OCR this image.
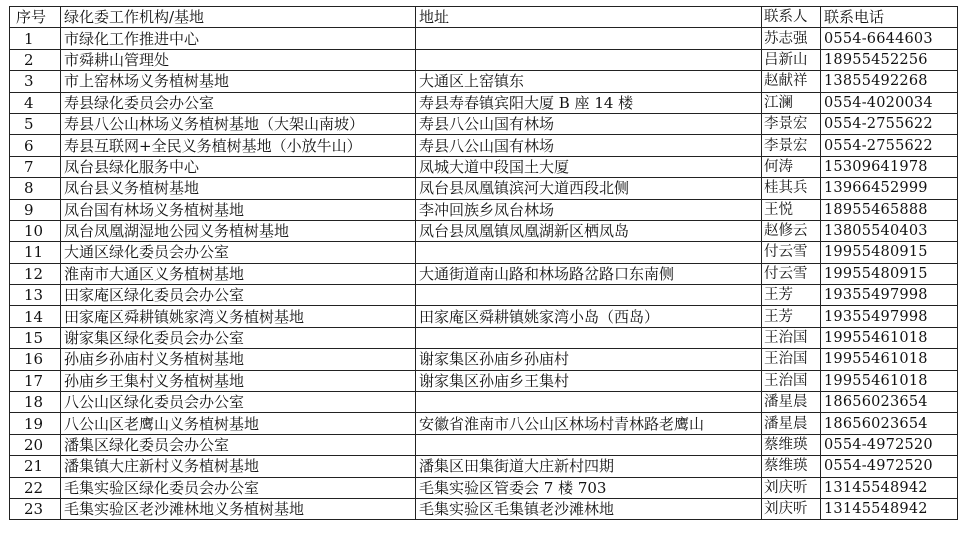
序号	绿化委工作机构/基地	地址	联系人	联系电话
1	市绿化工作推进中心		苏志强	0554-6644603
2	市舜耕山管理处		吕新山	18955452256
3	市上窑林场义务植树基地	大通区上窑镇东	赵献祥	13855492268
4	寿县绿化委员会办公室	寿县寿春镇宾阳大厦 B 座 14 楼	江澜	0554-4020034
5	寿县八公山林场义务植树基地（大架山南坡）	寿县八公山国有林场	李景宏	0554-2755622
6	寿县互联网+全民义务植树基地（小放牛山）	寿县八公山国有林场	李景宏	0554-2755622
7	凤台县绿化服务中心	凤城大道中段国土大厦	何涛	15309641978
8	凤台县义务植树基地	凤台县凤凰镇滨河大道西段北侧	桂其兵	13966452999
9	凤台国有林场义务植树基地	李冲回族乡凤台林场	王悦	18955465888
10	凤台凤凰湖湿地公园义务植树基地	凤台县凤凰镇凤凰湖新区栖凤岛	赵修云	13805540403
11	大通区绿化委员会办公室		付云雪	19955480915
12	淮南市大通区义务植树基地	大通街道南山路和林场路岔路口东南侧	付云雪	19955480915
13	田家庵区绿化委员会办公室		王芳	19355497998
14	田家庵区舜耕镇姚家湾义务植树基地	田家庵区舜耕镇姚家湾小岛（西岛）	王芳	19355497998
15	谢家集区绿化委员会办公室		王治国	19955461018
16	孙庙乡孙庙村义务植树基地	谢家集区孙庙乡孙庙村	王治国	19955461018
17	孙庙乡王集村义务植树基地	谢家集区孙庙乡王集村	王治国	19955461018
18	八公山区绿化委员会办公室		潘星晨	18656023654
19	八公山区老鹰山义务植树基地	安徽省淮南市八公山区林场村青林路老鹰山	潘星晨	18656023654
20	潘集区绿化委员会办公室		蔡维瑛	0554-4972520
21	潘集镇大庄新村义务植树基地	潘集区田集街道大庄新村四期	蔡维瑛	0554-4972520
22	毛集实验区绿化委员会办公室	毛集实验区管委会 7 楼 703	刘庆听	13145548942
23	毛集实验区老沙滩林地义务植树基地	毛集实验区毛集镇老沙滩林地	刘庆听	13145548942
